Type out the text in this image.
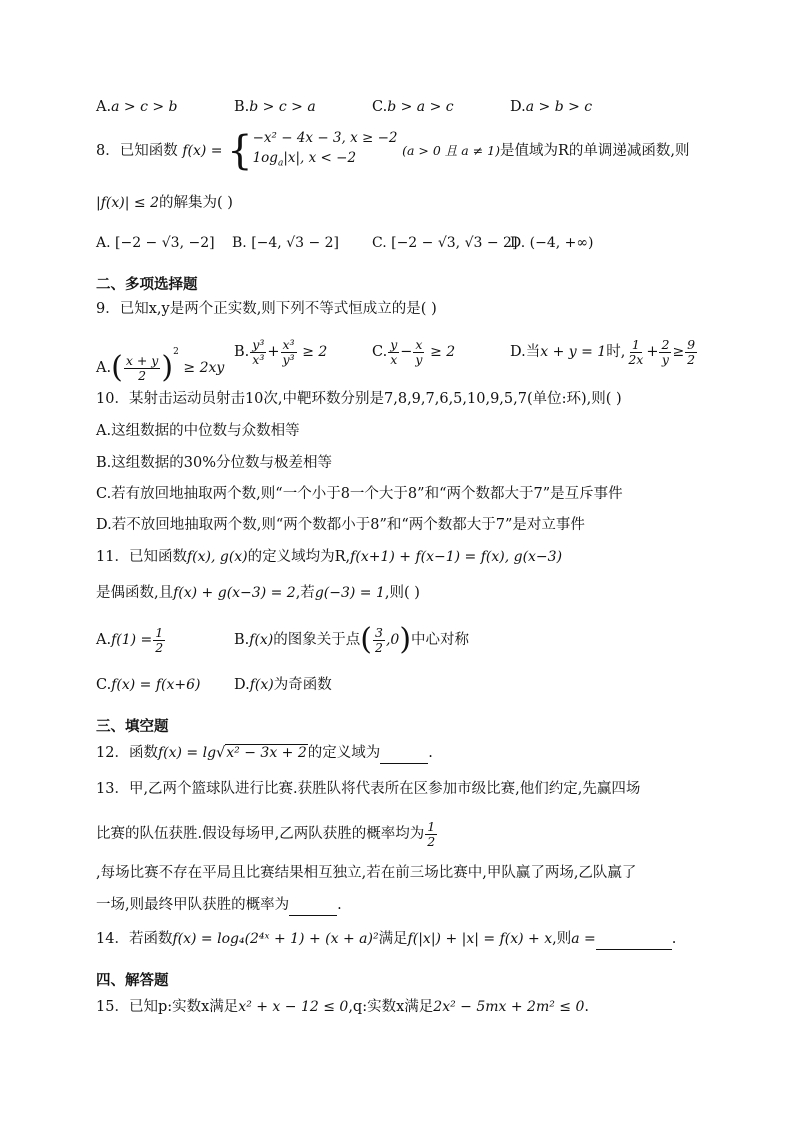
A.a > c > b	B.b > c > a	C.b > a > c	D.a > b > c
8．已知函数 f(x) = { −x² − 4x − 3, x ≥ −2
$1og_a|x|$, x < −2	(a > 0 且 a ≠ 1)是值域为R的单调递减函数,则
|f(x)| ≤ 2的解集为( )
A. [−2 − √3, −2] B. [−4, √3 − 2] C. [−2 − √3, √3 − 2]
D. (−4, +∞)
二、多项选择题
9．已知x,y是两个正实数,则下列不等式恒成立的是( )
$A.( \frac{x + y}{2} )^2 \ge 2xy$
B. $\frac{\text{y³}}{\text{x³}} + \frac{\text{x³}}{\text{y³}} \ge 2$	C. $\frac{y}{x} - \frac{x}{y} \ge 2$	D.当x + y = 1时, $\frac{1}{2x} + \frac{2}{y} \ge \frac{9}{2}$
10．某射击运动员射击10次,中靶环数分别是7,8,9,7,6,5,10,9,5,7(单位:环),则( )
A.这组数据的中位数与众数相等
B.这组数据的30%分位数与极差相等
C.若有放回地抽取两个数,则“一个小于8一个大于8”和“两个数都大于7”是互斥事件
D.若不放回地抽取两个数,则“两个数都小于8”和“两个数都大于7”是对立事件
11．已知函数f(x), g(x)的定义域均为R,f(x+1) + f(x−1) = f(x), g(x−3)
是偶函数,且f(x) + g(x−3) = 2,若g(−3) = 1,则( )
$A.f(1) = \frac{1}{2}$	B.f(x)的图象关于点( $\frac{3}{2} ,0$)中心对称
C.f(x) = f(x+6) D.f(x)为奇函数
三、填空题
12．函数f(x) = lg√x² − 3x + 2的定义域为	.
13．甲,乙两个篮球队进行比赛.获胜队将代表所在区参加市级比赛,他们约定,先赢四场
比赛的队伍获胜.假设每场甲,乙两队获胜的概率均为 $\frac{1}{2}$
,每场比赛不存在平局且比赛结果相互独立,若在前三场比赛中,甲队赢了两场,乙队赢了
一场,则最终甲队获胜的概率为	.
14．若函数f(x) = log₄(2⁴ˣ + 1) + (x + a)²满足f(|x|) + |x| = f(x) + x,则a =	.
四、解答题
15．已知p:实数x满足x² + x − 12 ≤ 0,q:实数x满足2x² − 5mx + 2m² ≤ 0.
